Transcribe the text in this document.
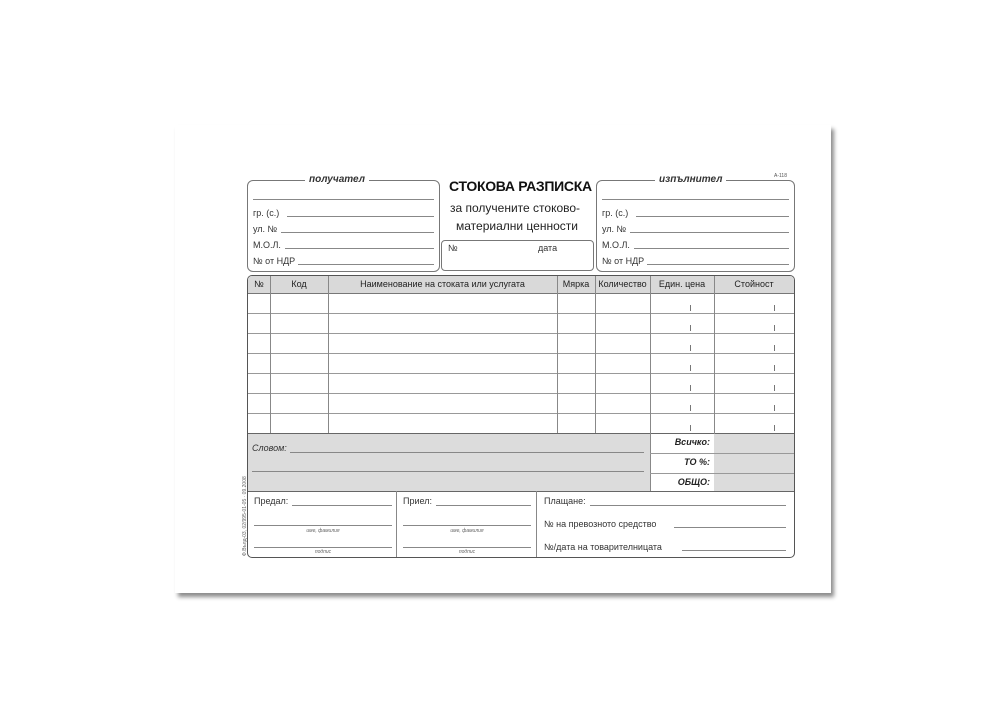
получател
гр. (с.)
ул. №
М.О.Л.
№ от НДР
СТОКОВА РАЗПИСКА
за получените стоково-
материални ценности
№	дата
А-118
изпълнител
гр. (с.)
ул. №
М.О.Л.
№ от НДР
№	Код	Наименование на стоката или услугата	Мярка	Количество	Един. цена	Стойност
Словом:
Всичко:
ТО %:
ОБЩО:
Предал:
име, фамилия
подпис
Приел:
име, фамилия
подпис
Плащане:
№ на превозното средство
№/дата на товарителницата
Ф.Вълд-03, 02/995-01-05 · 09.2008
